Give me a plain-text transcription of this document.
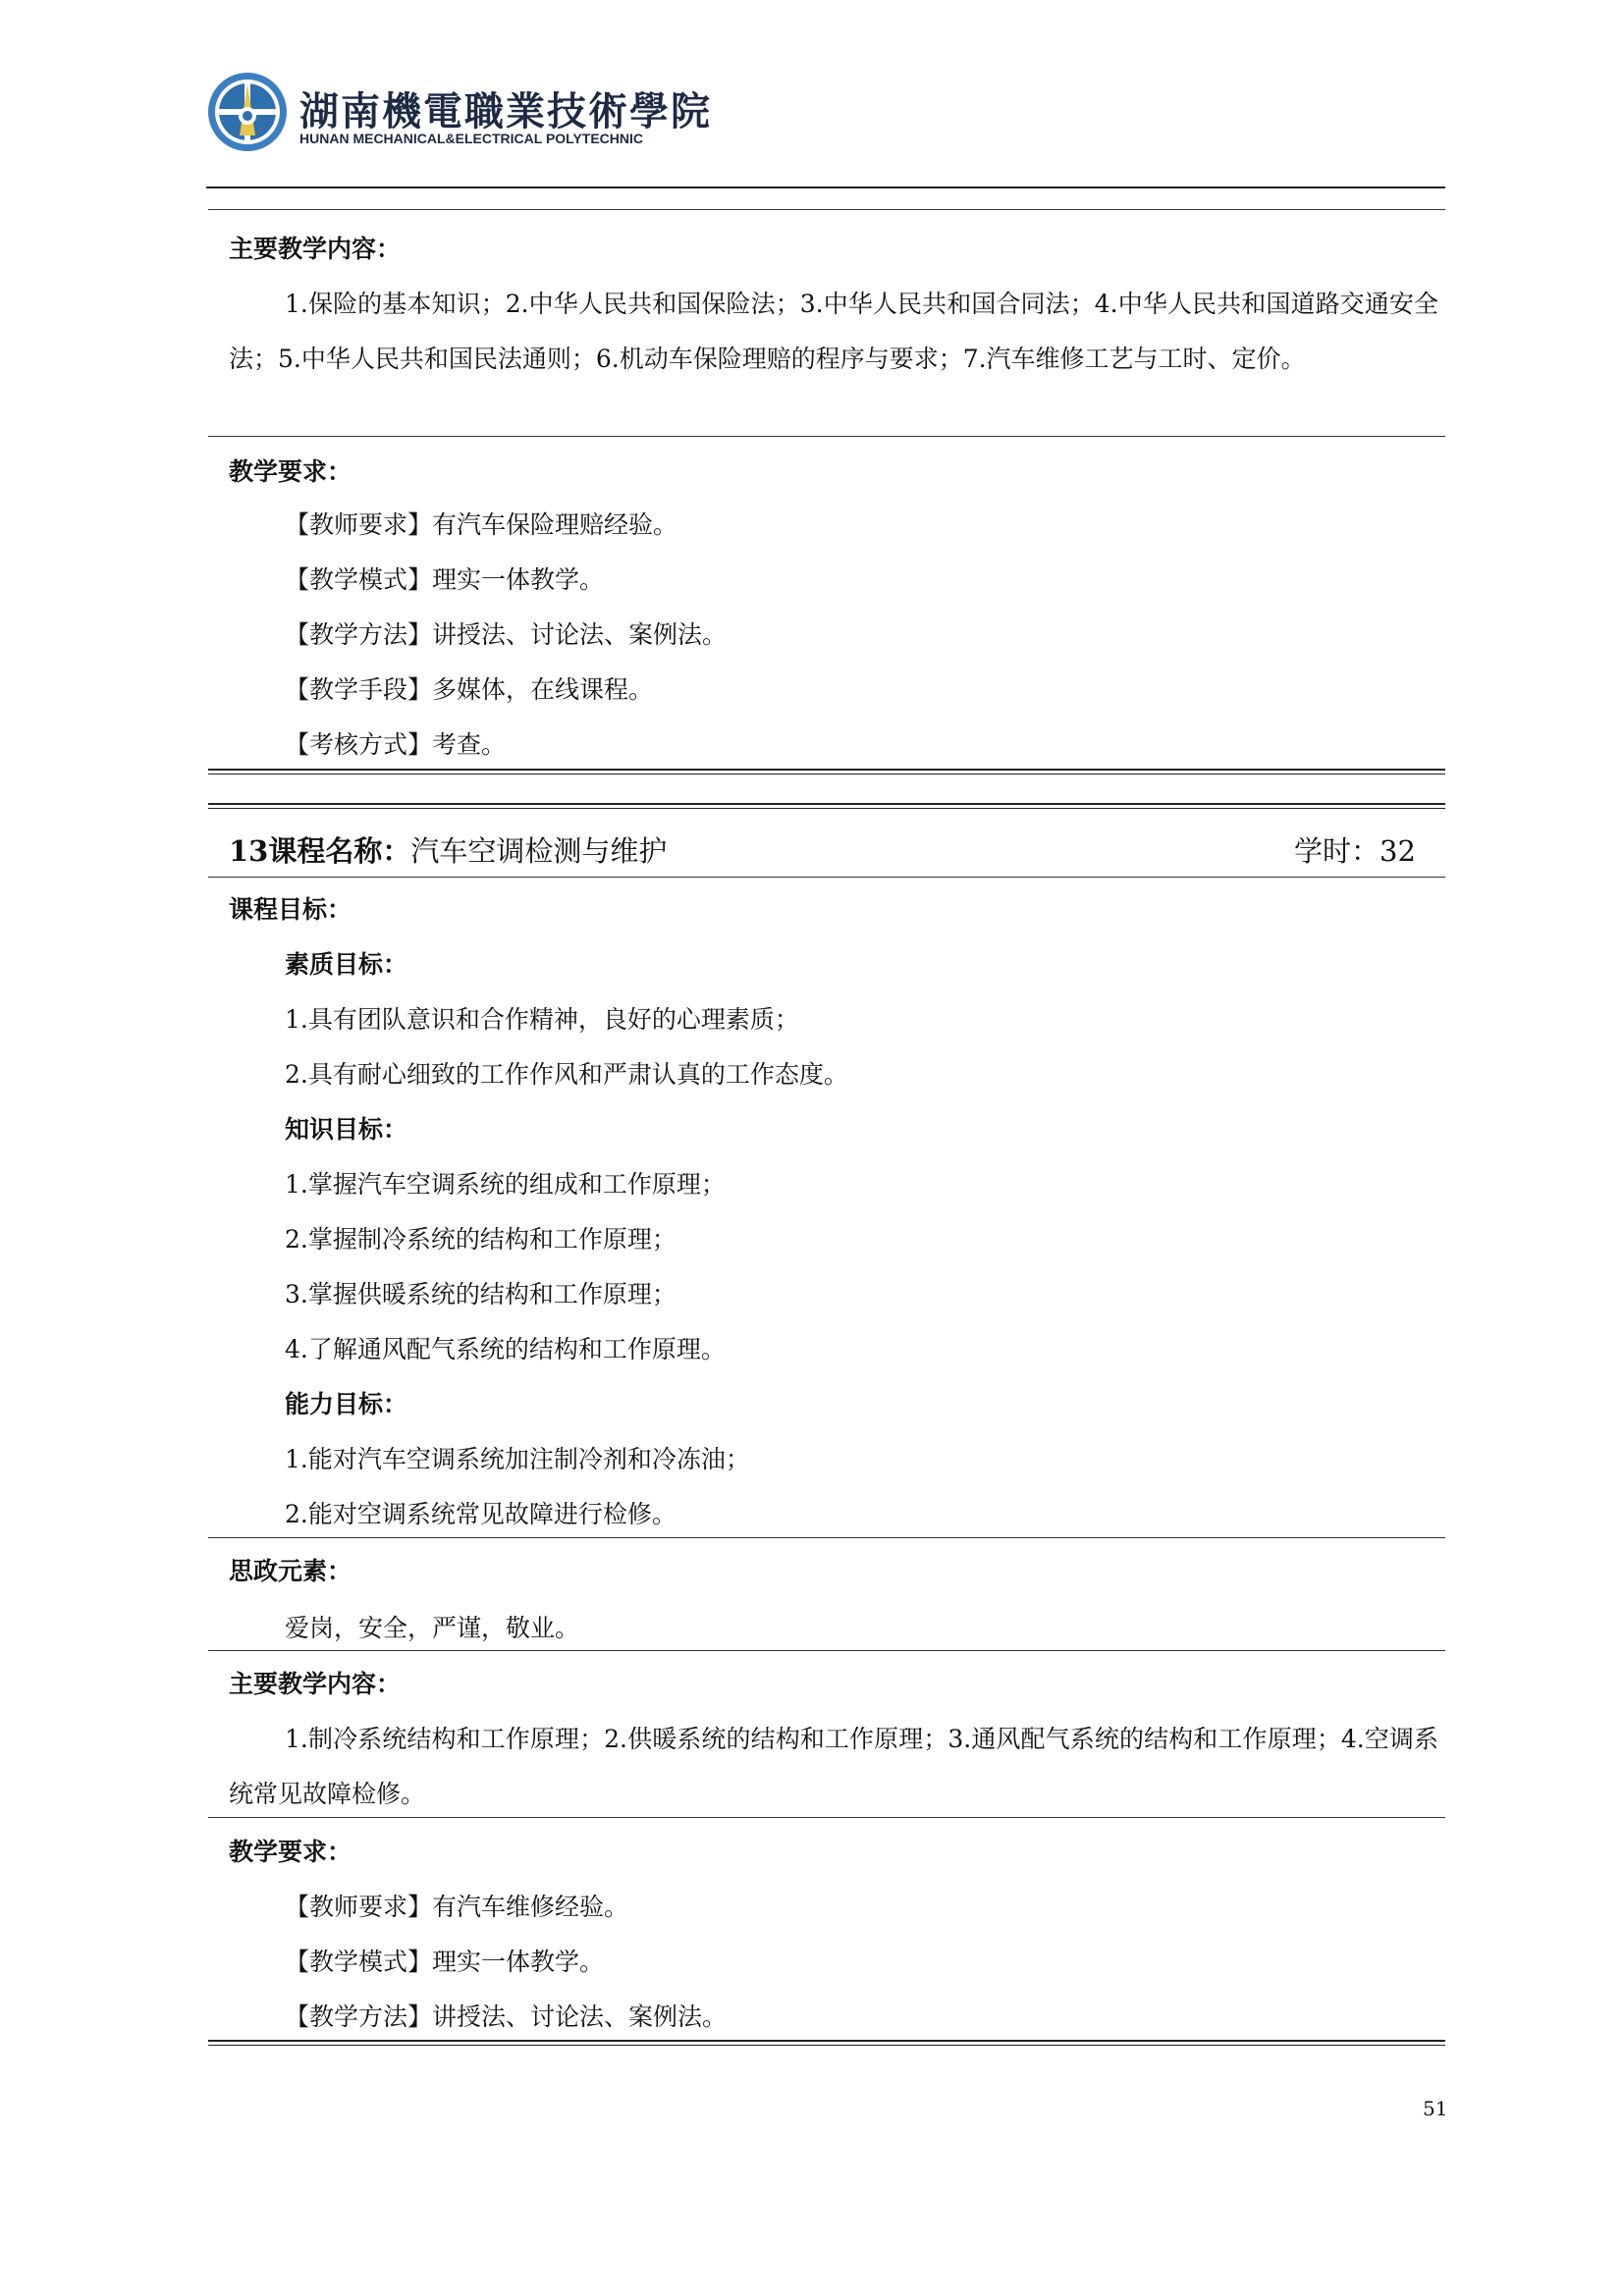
湖南機電職業技術學院
HUNAN MECHANICAL&ELECTRICAL POLYTECHNIC
主要教学内容：
1.保险的基本知识；2.中华人民共和国保险法；3.中华人民共和国合同法；4.中华人民共和国道路交通安全法；5.中华人民共和国民法通则；6.机动车保险理赔的程序与要求；7.汽车维修工艺与工时、定价。
教学要求：
【教师要求】有汽车保险理赔经验。
【教学模式】理实一体教学。
【教学方法】讲授法、讨论法、案例法。
【教学手段】多媒体，在线课程。
【考核方式】考查。
13课程名称：汽车空调检测与维护	学时：32
课程目标：
素质目标：
1.具有团队意识和合作精神，良好的心理素质；
2.具有耐心细致的工作作风和严肃认真的工作态度。
知识目标：
1.掌握汽车空调系统的组成和工作原理；
2.掌握制冷系统的结构和工作原理；
3.掌握供暖系统的结构和工作原理；
4.了解通风配气系统的结构和工作原理。
能力目标：
1.能对汽车空调系统加注制冷剂和冷冻油；
2.能对空调系统常见故障进行检修。
思政元素：
爱岗，安全，严谨，敬业。
主要教学内容：
1.制冷系统结构和工作原理；2.供暖系统的结构和工作原理；3.通风配气系统的结构和工作原理；4.空调系统常见故障检修。
教学要求：
【教师要求】有汽车维修经验。
【教学模式】理实一体教学。
【教学方法】讲授法、讨论法、案例法。
51
